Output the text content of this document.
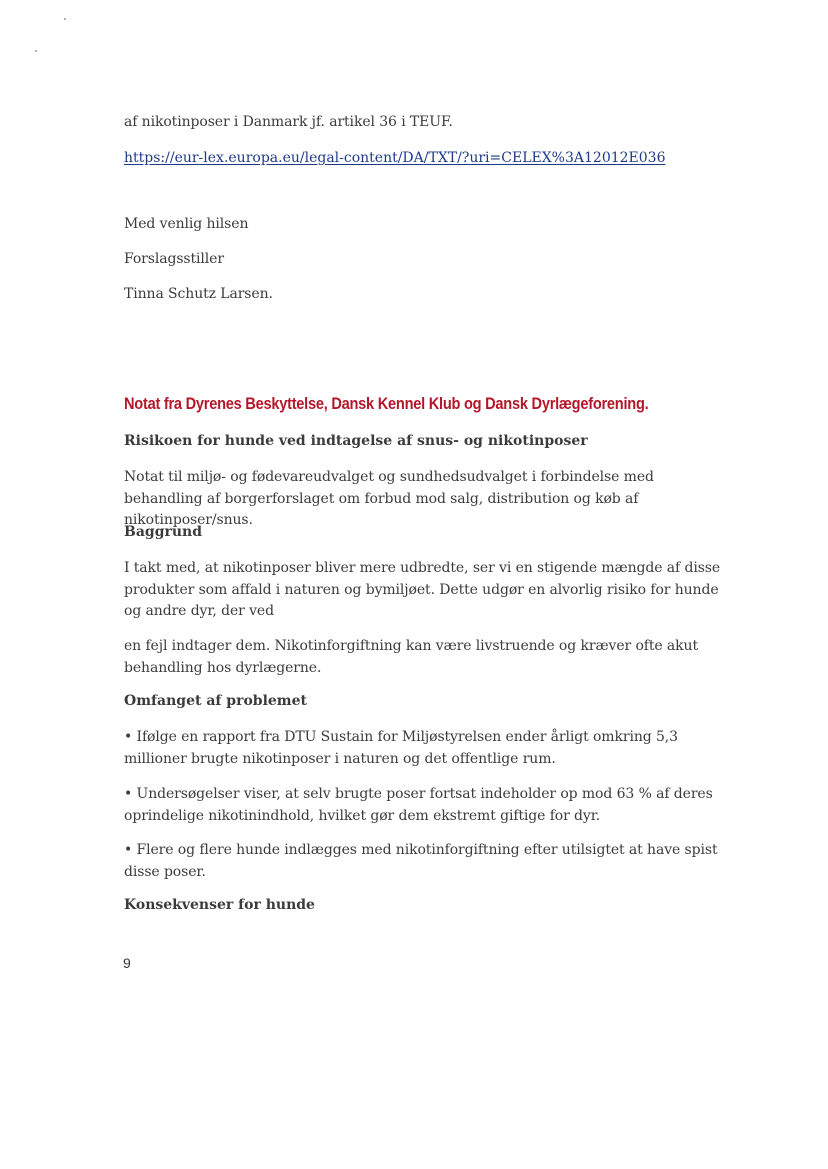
af nikotinposer i Danmark jf. artikel 36 i TEUF.

https://eur-lex.europa.eu/legal-content/DA/TXT/?uri=CELEX%3A12012E036

Med venlig hilsen

Forslagsstiller

Tinna Schutz Larsen.

Notat fra Dyrenes Beskyttelse, Dansk Kennel Klub og Dansk Dyrlægeforening.
Risikoen for hunde ved indtagelse af snus- og nikotinposer

Notat til miljø- og fødevareudvalget og sundhedsudvalget i forbindelse med behandling af borgerforslaget om forbud mod salg, distribution og køb af nikotinposer/snus.

Baggrund

I takt med, at nikotinposer bliver mere udbredte, ser vi en stigende mængde af disse produkter som affald i naturen og bymiljøet. Dette udgør en alvorlig risiko for hunde og andre dyr, der ved

en fejl indtager dem. Nikotinforgiftning kan være livstruende og kræver ofte akut behandling hos dyrlægerne.

Omfanget af problemet

• Ifølge en rapport fra DTU Sustain for Miljøstyrelsen ender årligt omkring 5,3 millioner brugte nikotinposer i naturen og det offentlige rum.

• Undersøgelser viser, at selv brugte poser fortsat indeholder op mod 63 % af deres oprindelige nikotinindhold, hvilket gør dem ekstremt giftige for dyr.

• Flere og flere hunde indlægges med nikotinforgiftning efter utilsigtet at have spist disse poser.

Konsekvenser for hunde
9
